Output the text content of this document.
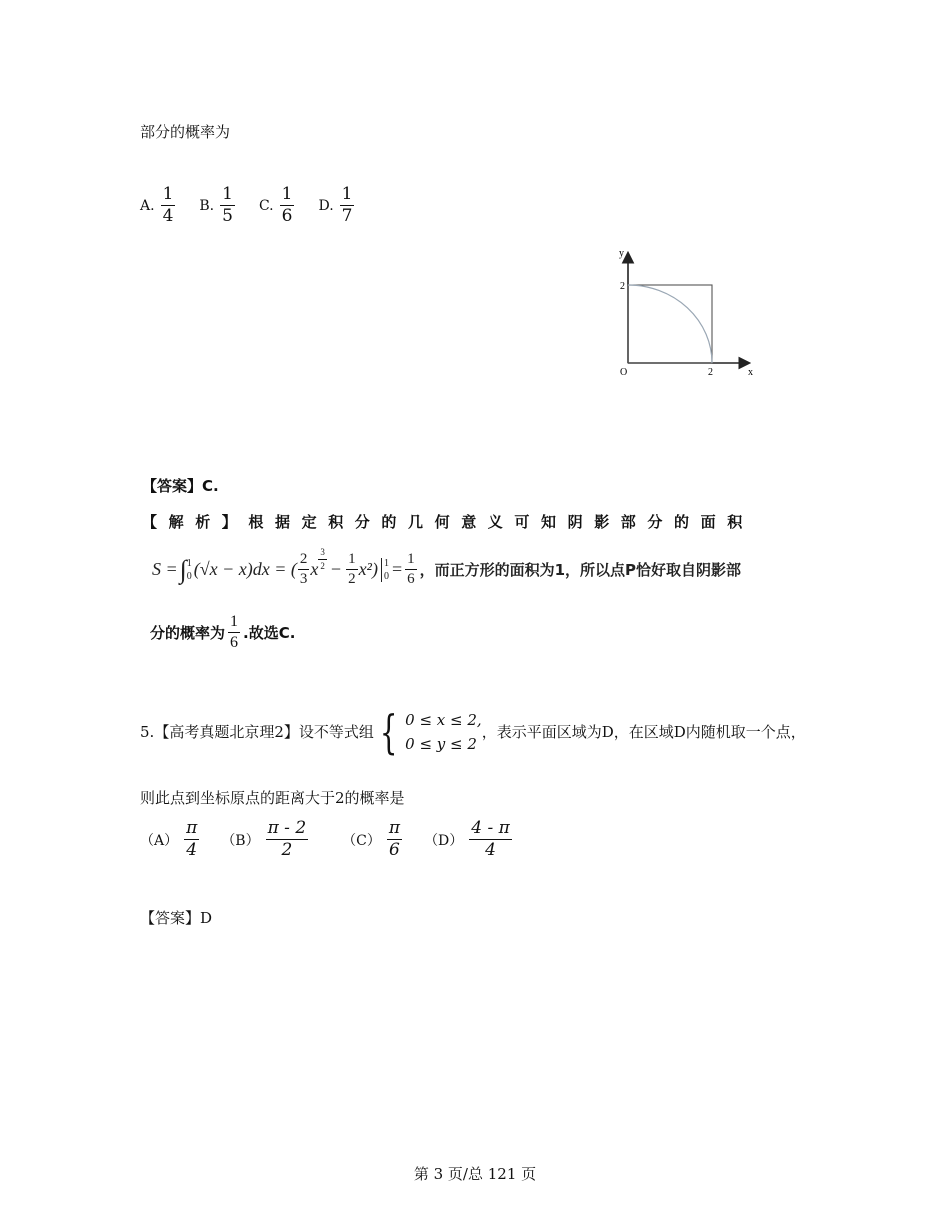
部分的概率为
A. $\frac{1}{4} B$. $\frac{1}{5} C$. $\frac{1}{6} D$. $\frac{1}{7}$
y
x
2
O	2
【答案】C.
【解析】根据定积分的几何意义可知阴影部分的面积
S = ∫ 1
0 (√x − x)dx = ( $\frac{2}{3}$ x $\frac{3}{2} - \frac{1}{2} x^2$) 1
$0 = \frac{1}{6}$ ，而正方形的面积为1，所以点P恰好取自阴影部
分的概率为 $\frac{1}{6}$ .故选C.
5. 【高考真题北京理2】 设不等式组 { 0 ≤ x ≤ 2,
0 ≤ y ≤ 2
，表示平面区域为D，在区域D内随机取一个点，
则此点到坐标原点的距离大于2的概率是
$(A) \frac{\pi}{4} (B) \frac{\pi - 2}{2} (C) \frac{\pi}{6} (D) \frac{4 - \pi}{4}$
【答案】D
第 3 页/总 121 页
